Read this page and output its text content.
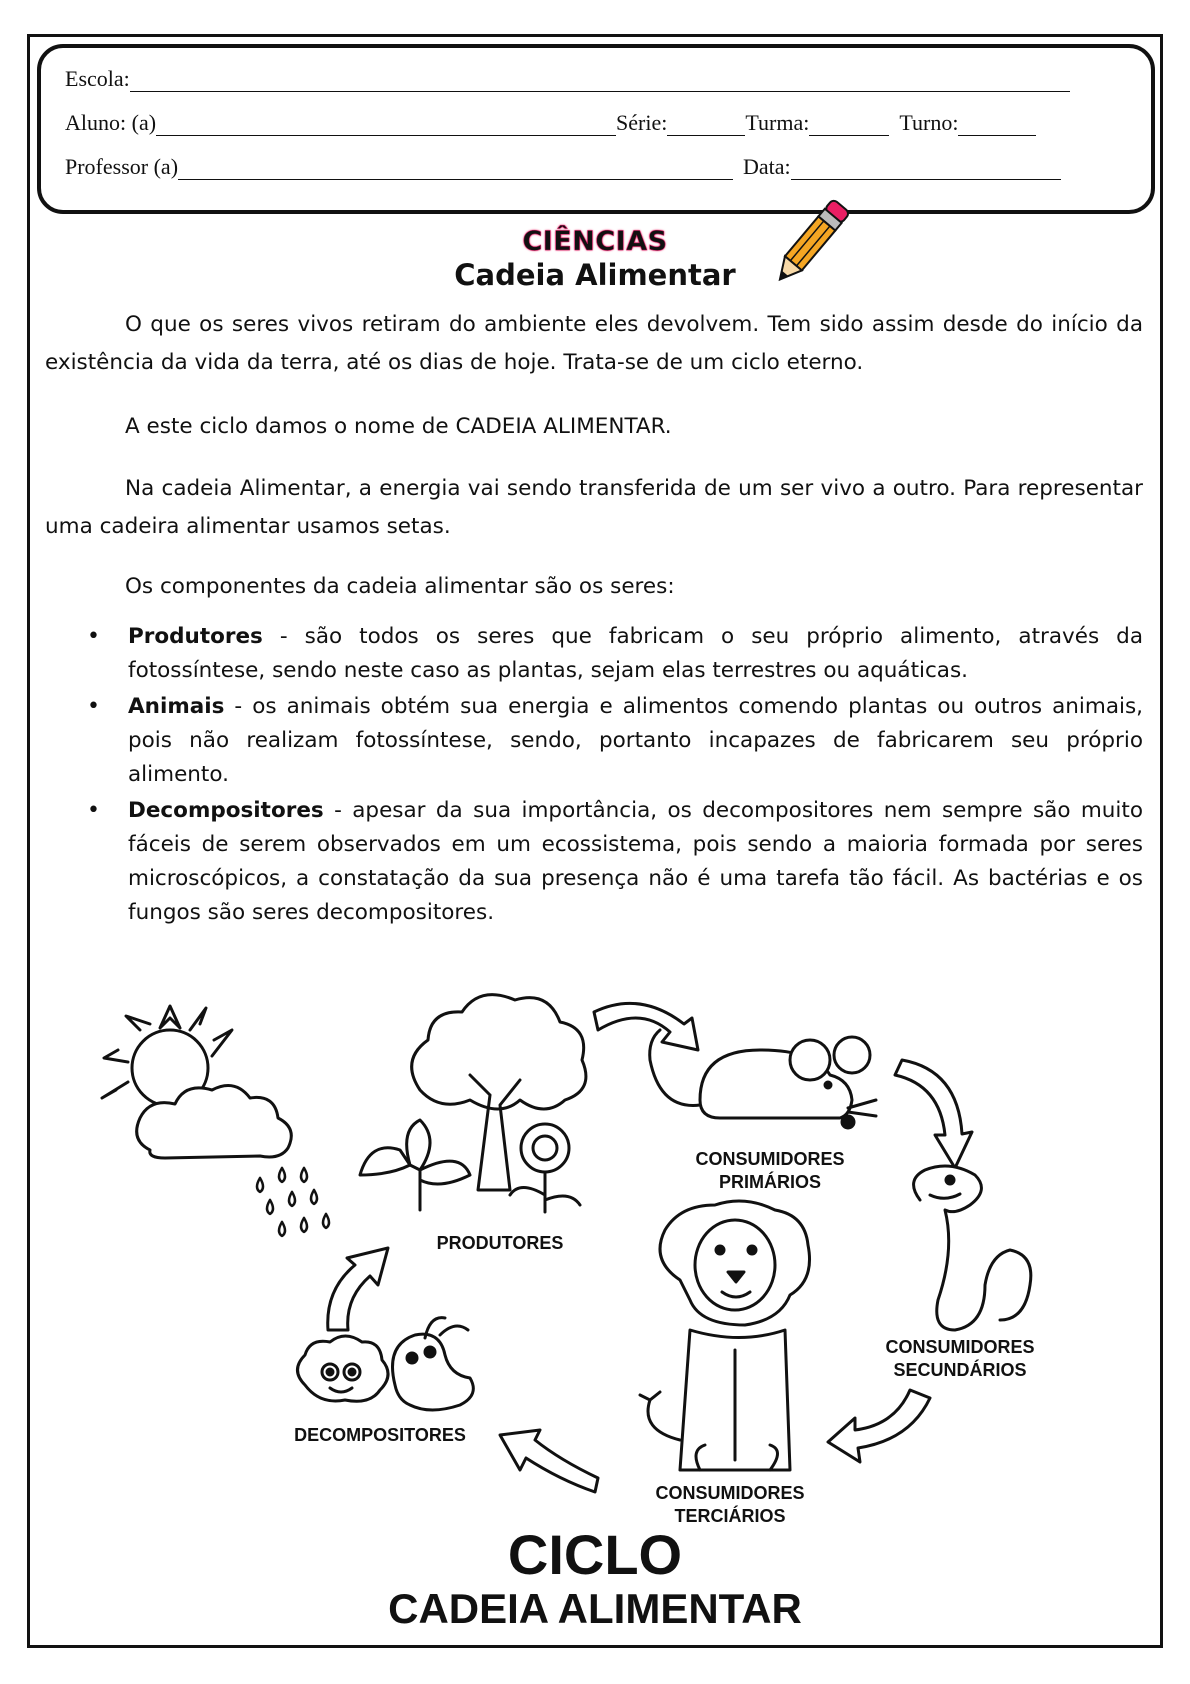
Escola:
Aluno: (a)	Série:	Turma:	Turno:
Professor (a)	Data:
CIÊNCIAS
Cadeia Alimentar
O que os seres vivos retiram do ambiente eles devolvem. Tem sido assim desde do início da existência da vida da terra, até os dias de hoje. Trata-se de um ciclo eterno.
A este ciclo damos o nome de CADEIA ALIMENTAR.
Na cadeia Alimentar, a energia vai sendo transferida de um ser vivo a outro. Para representar uma cadeira alimentar usamos setas.
Os componentes da cadeia alimentar são os seres:
• Produtores - são todos os seres que fabricam o seu próprio alimento, através da fotossíntese, sendo neste caso as plantas, sejam elas terrestres ou aquáticas.
• Animais - os animais obtém sua energia e alimentos comendo plantas ou outros animais, pois não realizam fotossíntese, sendo, portanto incapazes de fabricarem seu próprio alimento.
• Decompositores - apesar da sua importância, os decompositores nem sempre são muito fáceis de serem observados em um ecossistema, pois sendo a maioria formada por seres microscópicos, a constatação da sua presença não é uma tarefa tão fácil. As bactérias e os fungos são seres decompositores.
PRODUTORES
CONSUMIDORES
PRIMÁRIOS
CONSUMIDORES
SECUNDÁRIOS
CONSUMIDORES
TERCIÁRIOS
DECOMPOSITORES
CICLO
CADEIA ALIMENTAR
